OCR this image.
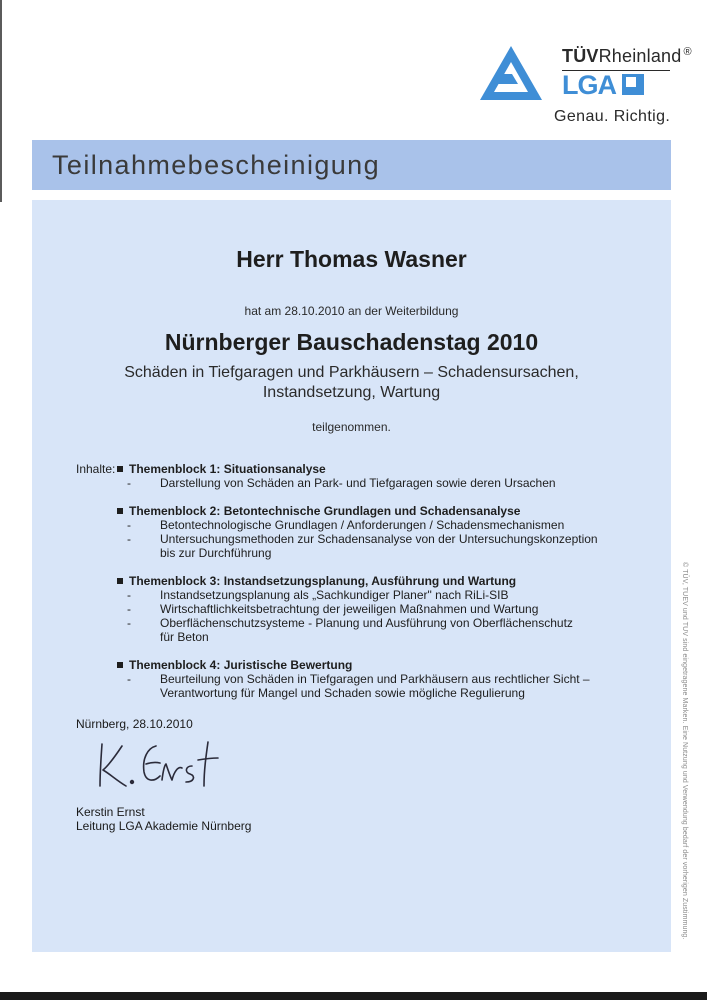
TÜVRheinland ®
LGA
Genau. Richtig.
Teilnahmebescheinigung
Herr Thomas Wasner
hat am 28.10.2010 an der Weiterbildung
Nürnberger Bauschadenstag 2010
Schäden in Tiefgaragen und Parkhäusern – Schadensursachen,
Instandsetzung, Wartung
teilgenommen.
Inhalte:	Themenblock 1: Situationsanalyse
- Darstellung von Schäden an Park- und Tiefgaragen sowie deren Ursachen
Themenblock 2: Betontechnische Grundlagen und Schadensanalyse
- Betontechnologische Grundlagen / Anforderungen / Schadensmechanismen
- Untersuchungsmethoden zur Schadensanalyse von der Untersuchungskonzeption
bis zur Durchführung
Themenblock 3: Instandsetzungsplanung, Ausführung und Wartung
- Instandsetzungsplanung als „Sachkundiger Planer" nach RiLi-SIB
- Wirtschaftlichkeitsbetrachtung der jeweiligen Maßnahmen und Wartung
- Oberflächenschutzsysteme - Planung und Ausführung von Oberflächenschutz
für Beton
Themenblock 4: Juristische Bewertung
- Beurteilung von Schäden in Tiefgaragen und Parkhäusern aus rechtlicher Sicht –
Verantwortung für Mangel und Schaden sowie mögliche Regulierung
Nürnberg, 28.10.2010
Kerstin Ernst
Leitung LGA Akademie Nürnberg	© TÜV, TUEV und TUV sind eingetragene Marken. Eine Nutzung und Verwendung bedarf der vorherigen Zustimmung.
